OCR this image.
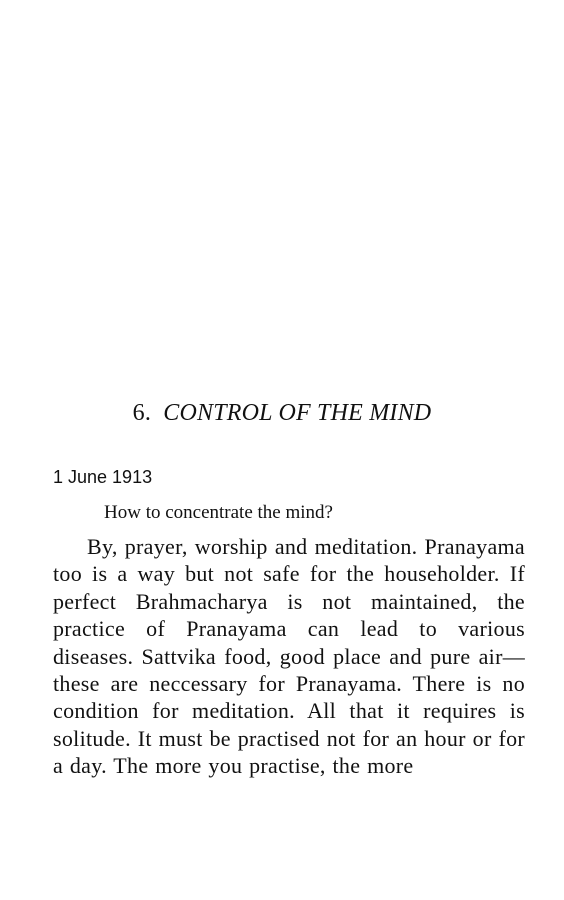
6. CONTROL OF THE MIND
1 June 1913
How to concentrate the mind?

By, prayer, worship and meditation. Pranayama too is a way but not safe for the householder. If perfect Brahmacharya is not maintained, the practice of Pranayama can lead to various diseases. Sattvika food, good place and pure air—these are neccessary for Pranayama. There is no condition for meditation. All that it requires is solitude. It must be practised not for an hour or for a day. The more you practise, the more
